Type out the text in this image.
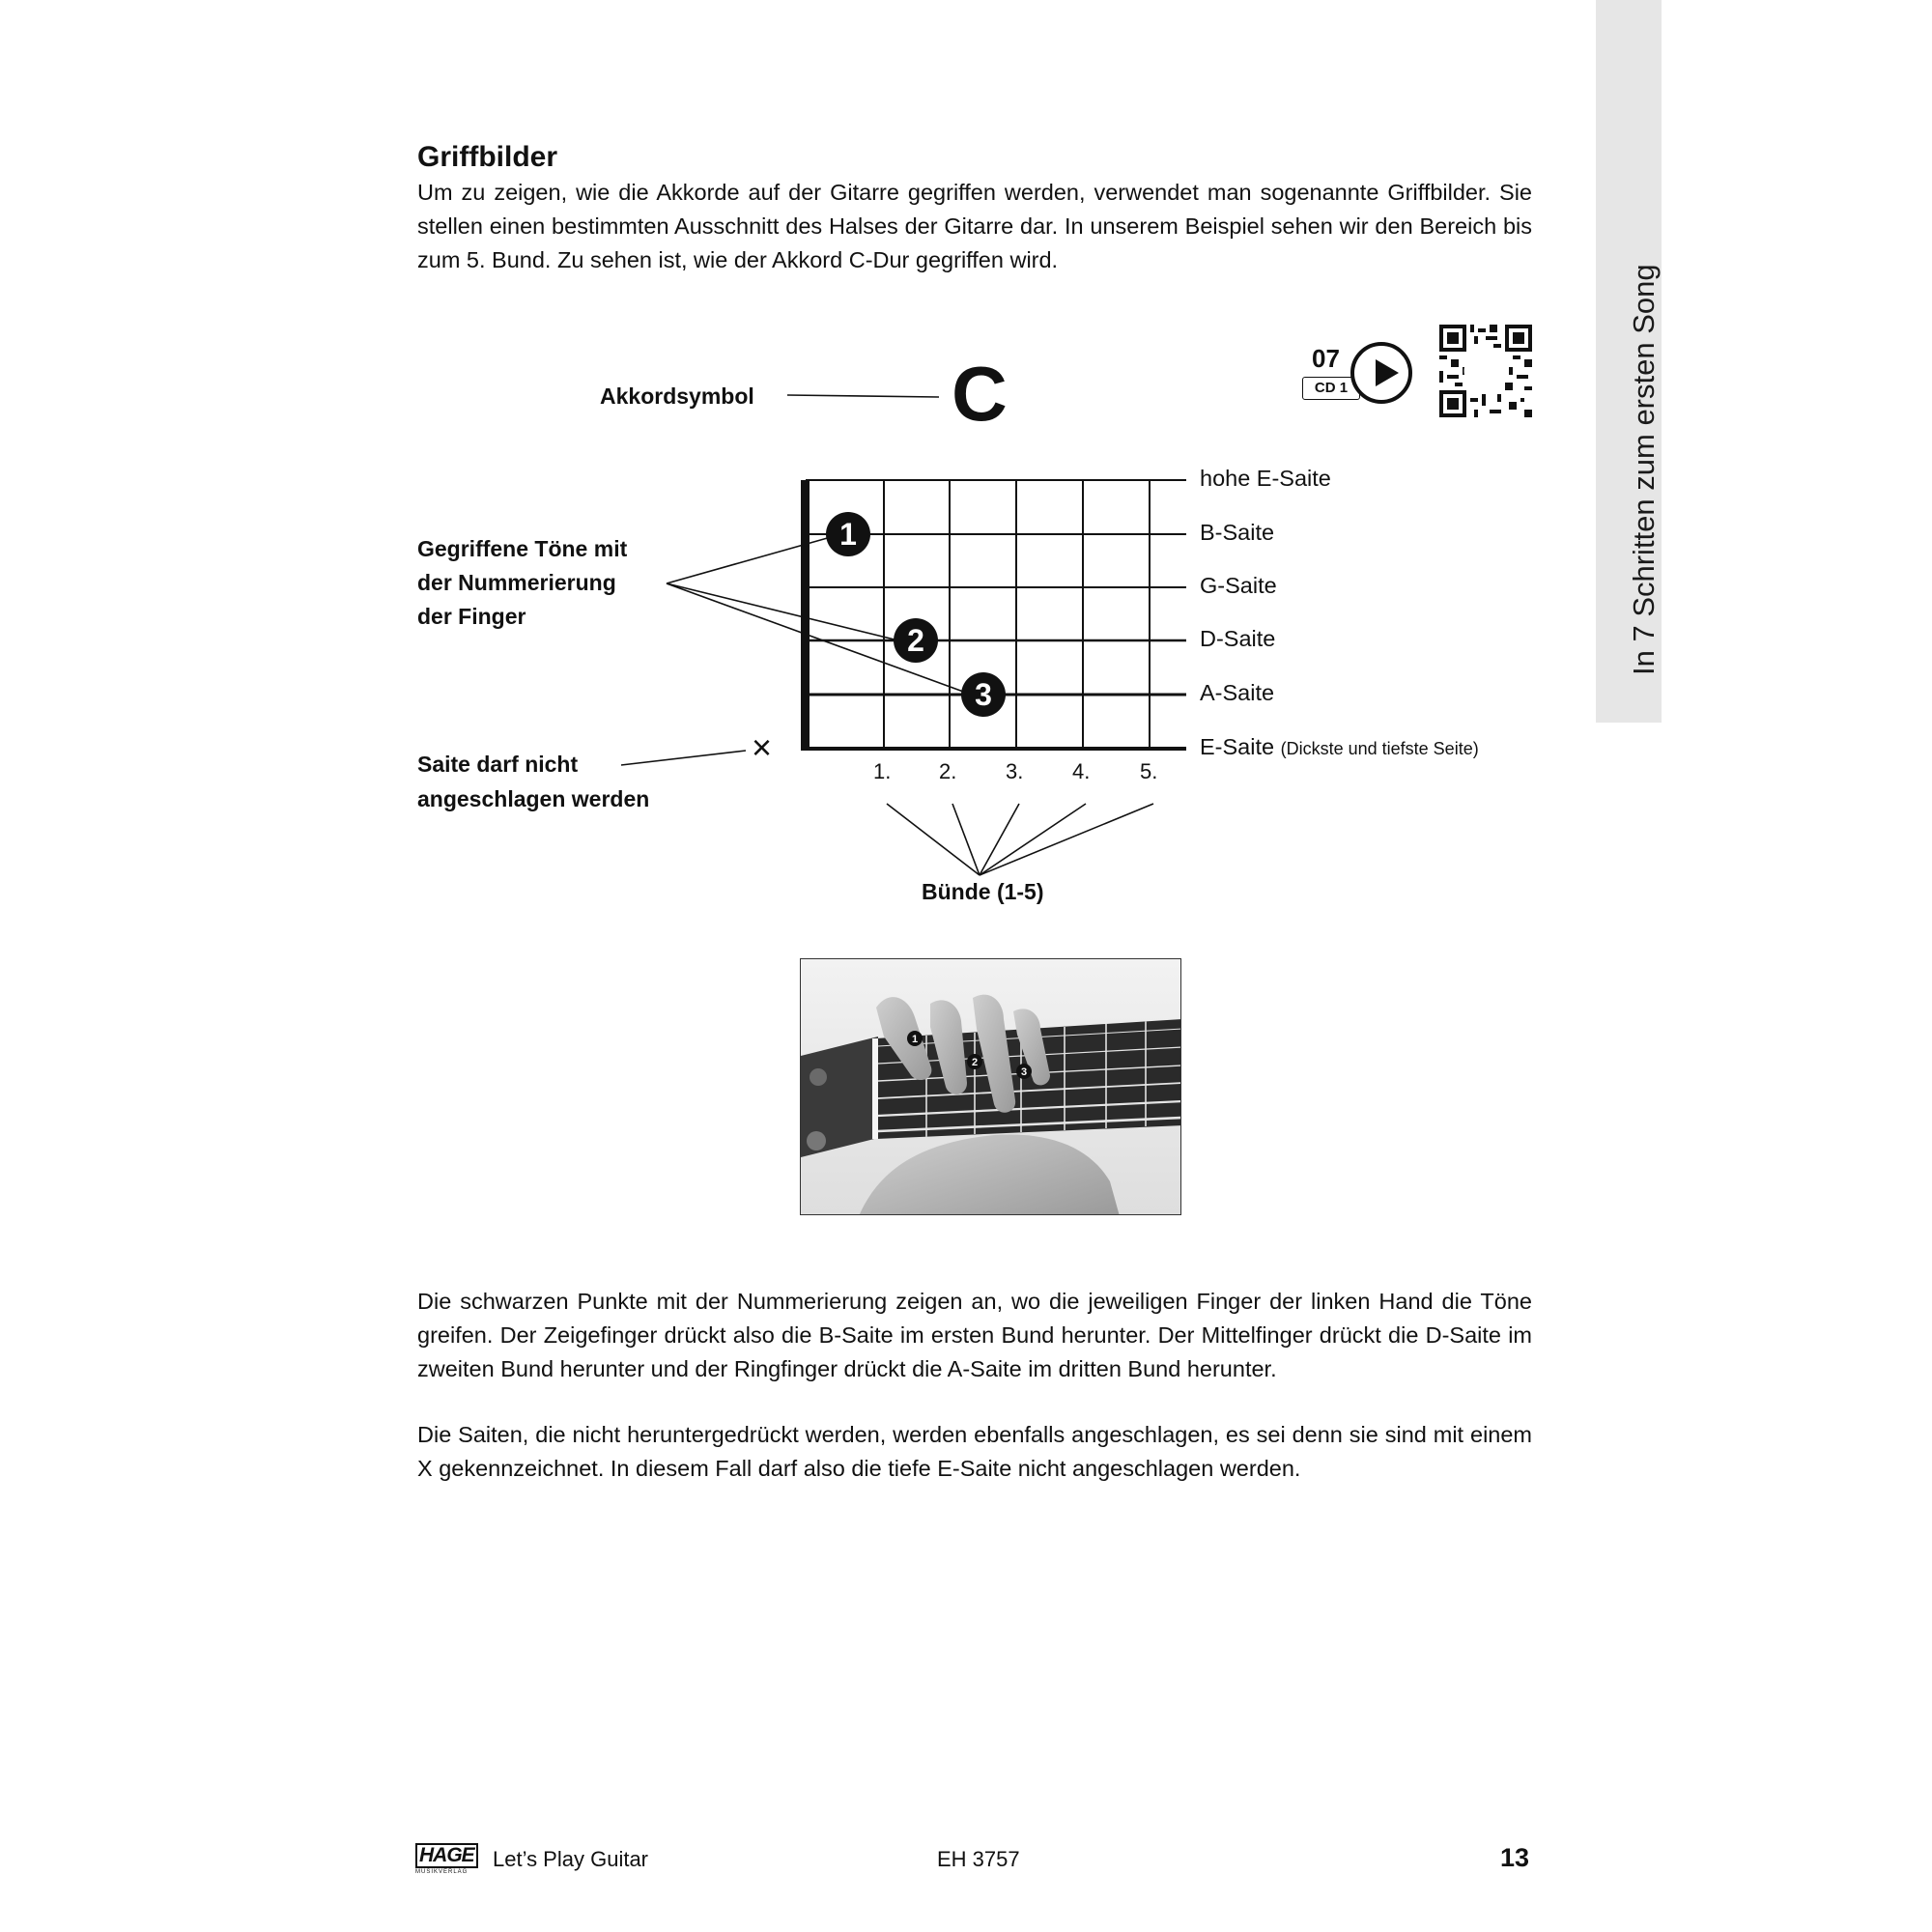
In 7 Schritten zum ersten Song
Griffbilder

Um zu zeigen, wie die Akkorde auf der Gitarre gegriffen werden, verwendet man sogenannte Griffbilder. Sie stellen einen bestimmten Ausschnitt des Halses der Gitarre dar. In unserem Beispiel sehen wir den Bereich bis zum 5. Bund. Zu sehen ist, wie der Akkord C-Dur gegriffen wird.

07
CD 1
Akkordsymbol	C
Gegriffene Töne mit
der Nummerierung
der Finger
Saite darf nicht
angeschlagen werden
×
hohe E-Saite
B-Saite
G-Saite
D-Saite
A-Saite
E-Saite (Dickste und tiefste Seite)
1. 2. 3. 4. 5.
Bünde (1-5)
1
2
3
1
2
3

Die schwarzen Punkte mit der Nummerierung zeigen an, wo die jeweiligen Finger der linken Hand die Töne greifen. Der Zeigefinger drückt also die B-Saite im ersten Bund herunter. Der Mittelfinger drückt die D-Saite im zweiten Bund herunter und der Ringfinger drückt die A-Saite im dritten Bund herunter.

Die Saiten, die nicht heruntergedrückt werden, werden ebenfalls angeschlagen, es sei denn sie sind mit einem X gekennzeichnet. In diesem Fall darf also die tiefe E-Saite nicht angeschlagen werden.

HAGE
MUSIKVERLAG
Let’s Play Guitar	EH 3757	13
